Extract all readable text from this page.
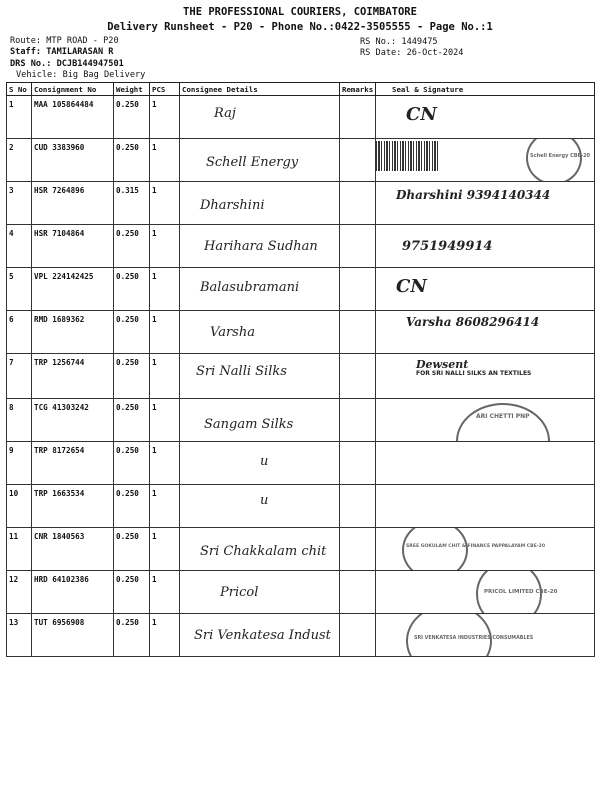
THE PROFESSIONAL COURIERS, COIMBATORE
Delivery Runsheet - P20 - Phone No.:0422-3505555 - Page No.:1
Route: MTP ROAD - P20
Staff: TAMILARASAN R
DRS No.: DCJB144947501
Vehicle: Big Bag Delivery
RS No.: 1449475
RS Date: 26-Oct-2024
S No	Consignment No	Weight	PCS	Consignee Details	Remarks	Seal & Signature
1	MAA 105864484	0.250	1	Raj		CN

2	CUD 3383960	0.250	1	Schell Energy		Schell Energy CBE-20

3	HSR 7264896	0.315	1	Dharshini		Dharshini 9394140344

4	HSR 7104864	0.250	1	Harihara Sudhan		9751949914

5	VPL 224142425	0.250	1	Balasubramani		CN

6	RMD 1689362	0.250	1	Varsha		Varsha 8608296414

7	TRP 1256744	0.250	1	Sri Nalli Silks		Dewsent
FOR SRI NALLI SILKS AN TEXTILES

8	TCG 41303242	0.250	1	Sangam Silks		ARI CHETTI PNP

9	TRP 8172654	0.250	1	u		

10	TRP 1663534	0.250	1	u		

11	CNR 1840563	0.250	1	Sri Chakkalam chit		SREE GOKULAM CHIT & FINANCE PAPPALAYAM CBE-20

12	HRD 64102386	0.250	1	Pricol		PRICOL LIMITED CBE-20

13	TUT 6956908	0.250	1	Sri Venkatesa Indust		SRI VENKATESA INDUSTRIES CONSUMABLES
